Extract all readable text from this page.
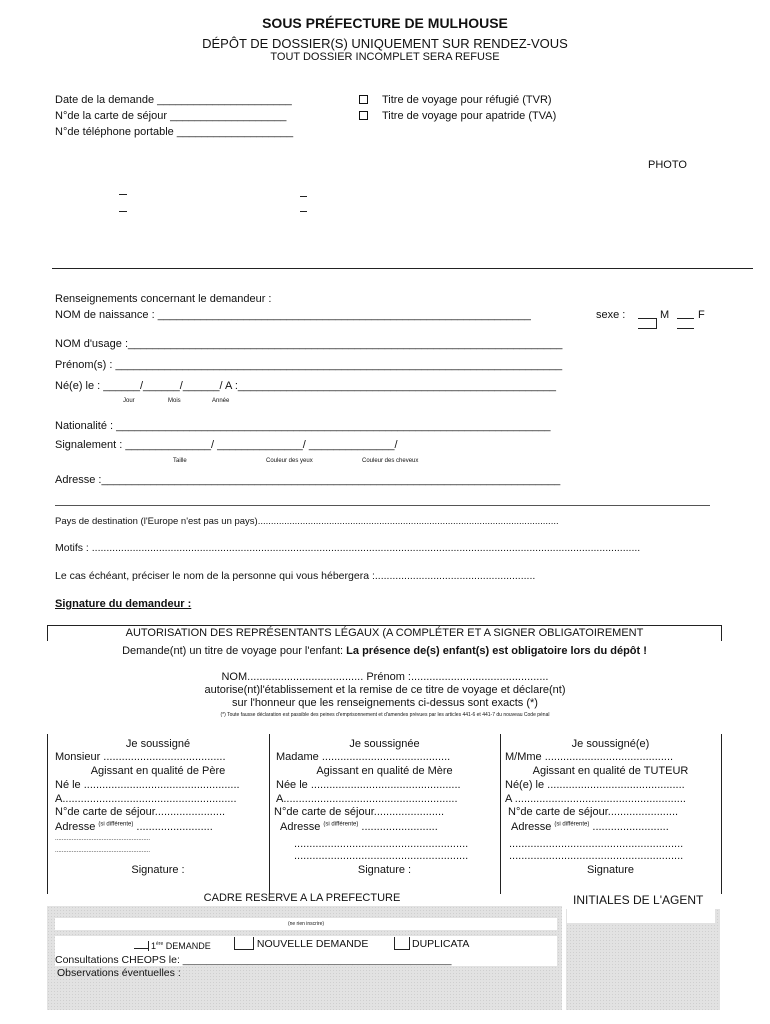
SOUS PRÉFECTURE DE MULHOUSE
DÉPÔT DE DOSSIER(S) UNIQUEMENT SUR RENDEZ-VOUS
TOUT DOSSIER INCOMPLET SERA REFUSE
Date de la demande ______________________
N°de la carte de séjour ___________________
N°de téléphone portable ___________________
Titre de voyage pour réfugié (TVR)
Titre de voyage pour apatride (TVA)
PHOTO
Renseignements concernant le demandeur :
NOM de naissance : _____________________________________________________________	sexe :	M	F
NOM d'usage :_______________________________________________________________________
Prénom(s) : _________________________________________________________________________
Né(e) le : ______/______/______/ A :____________________________________________________
Jour	Mois	Année
Nationalité : _______________________________________________________________________
Signalement : ______________/ ______________/ ______________/
Taille	Couleur des yeux	Couleur des cheveux
Adresse :___________________________________________________________________________
Pays de destination (l'Europe n'est pas un pays)..................................................................................................................
Motifs : ............................................................................................................................................................................................
Le cas échéant, préciser le nom de la personne qui vous hébergera :.......................................................
Signature du demandeur :
AUTORISATION DES REPRÉSENTANTS LÉGAUX (A COMPLÉTER ET A SIGNER OBLIGATOIREMENT
Demande(nt) un titre de voyage pour l'enfant: La présence de(s) enfant(s) est obligatoire lors du dépôt !
NOM...................................... Prénom :.............................................
autorise(nt)l'établissement et la remise de ce titre de voyage et déclare(nt)
sur l'honneur que les renseignements ci-dessus sont exacts (*)
(*) Toute fausse déclaration est passible des peines d'emprisonnement et d'amendes prévues par les articles 441-6 et 441-7 du nouveau Code pénal
Je soussigné
Monsieur ........................................
Agissant en qualité de Père
Né le ...................................................
A.........................................................
N°de carte de séjour.......................
Adresse $^{(si différente)}$ .........................
.........................................................
.........................................................
Signature :
Je soussignée
Madame ..........................................
Agissant en qualité de Mère
Née le .................................................
A.........................................................
N°de carte de séjour.......................
Adresse $^{(si différente)}$ .........................
.........................................................
.........................................................
Signature :
Je soussigné(e)
M/Mme ..........................................
Agissant en qualité de TUTEUR
Né(e) le .............................................
A ........................................................
N°de carte de séjour.......................
Adresse $^{(si différente)}$ .........................
.........................................................
.........................................................
Signature
CADRE RESERVE A LA PREFECTURE	INITIALES DE L'AGENT
(ne rien inscrire)
1ère DEMANDE	NOUVELLE DEMANDE	DUPLICATA
Consultations CHEOPS le: ______________________________________________
Observations éventuelles :
